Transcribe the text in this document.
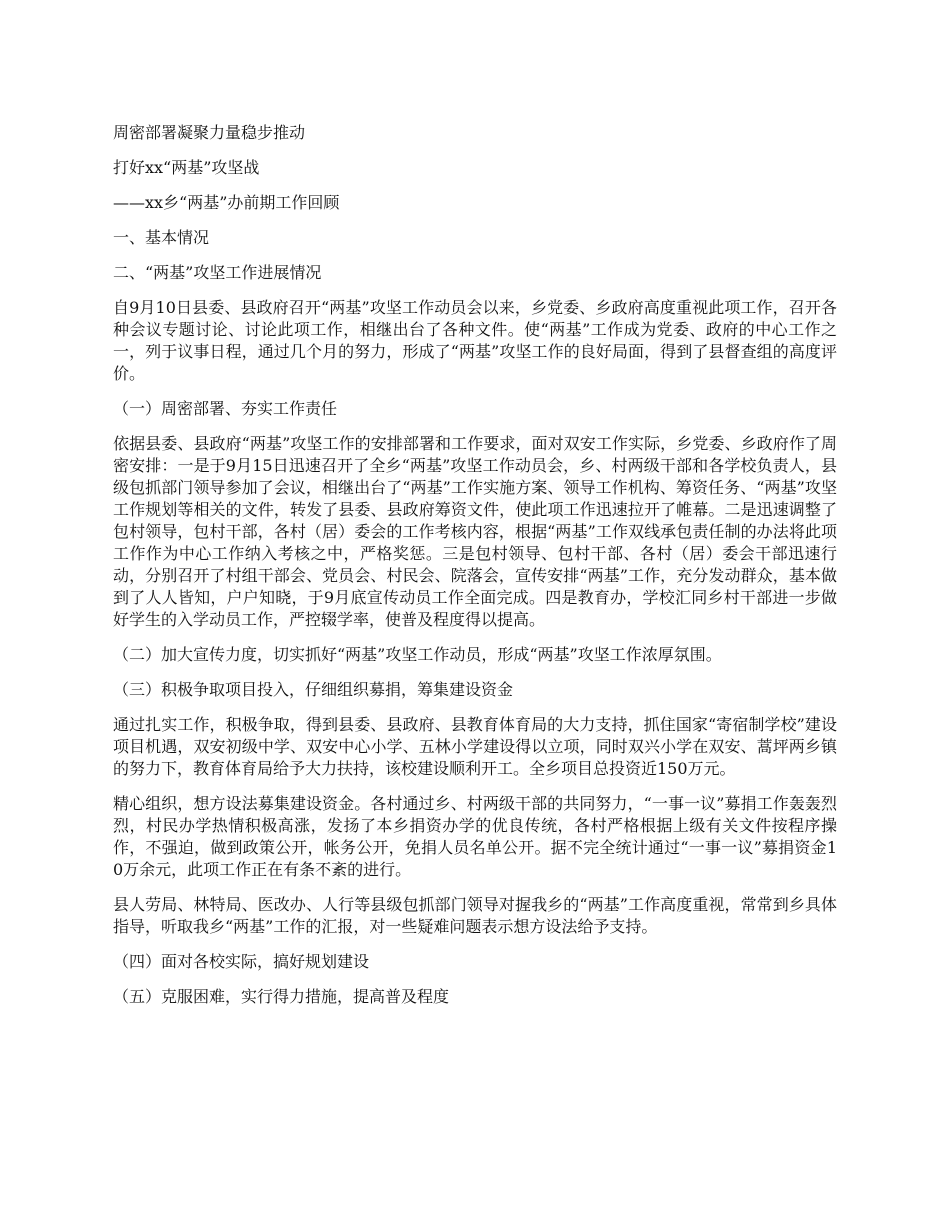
周密部署凝聚力量稳步推动

打好xx“两基”攻坚战

——xx乡“两基”办前期工作回顾

一、基本情况

二、“两基”攻坚工作进展情况

自9月10日县委、县政府召开“两基”攻坚工作动员会以来，乡党委、乡政府高度重视此项工作，召开各种会议专题讨论、讨论此项工作，相继出台了各种文件。使“两基”工作成为党委、政府的中心工作之一，列于议事日程，通过几个月的努力，形成了“两基”攻坚工作的良好局面，得到了县督查组的高度评价。

（一）周密部署、夯实工作责任

依据县委、县政府“两基”攻坚工作的安排部署和工作要求，面对双安工作实际，乡党委、乡政府作了周密安排：一是于9月15日迅速召开了全乡“两基”攻坚工作动员会，乡、村两级干部和各学校负责人，县级包抓部门领导参加了会议，相继出台了“两基”工作实施方案、领导工作机构、筹资任务、“两基”攻坚工作规划等相关的文件，转发了县委、县政府筹资文件，使此项工作迅速拉开了帷幕。二是迅速调整了包村领导，包村干部，各村（居）委会的工作考核内容，根据“两基”工作双线承包责任制的办法将此项工作作为中心工作纳入考核之中，严格奖惩。三是包村领导、包村干部、各村（居）委会干部迅速行动，分别召开了村组干部会、党员会、村民会、院落会，宣传安排“两基”工作，充分发动群众，基本做到了人人皆知，户户知晓，于9月底宣传动员工作全面完成。四是教育办，学校汇同乡村干部进一步做好学生的入学动员工作，严控辍学率，使普及程度得以提高。

（二）加大宣传力度，切实抓好“两基”攻坚工作动员，形成“两基”攻坚工作浓厚氛围。

（三）积极争取项目投入，仔细组织募捐，筹集建设资金

通过扎实工作，积极争取，得到县委、县政府、县教育体育局的大力支持，抓住国家“寄宿制学校”建设项目机遇，双安初级中学、双安中心小学、五林小学建设得以立项，同时双兴小学在双安、蒿坪两乡镇的努力下，教育体育局给予大力扶持，该校建设顺利开工。全乡项目总投资近150万元。

精心组织，想方设法募集建设资金。各村通过乡、村两级干部的共同努力，“一事一议”募捐工作轰轰烈烈，村民办学热情积极高涨，发扬了本乡捐资办学的优良传统，各村严格根据上级有关文件按程序操作，不强迫，做到政策公开，帐务公开，免捐人员名单公开。据不完全统计通过“一事一议”募捐资金10万余元，此项工作正在有条不紊的进行。

县人劳局、林特局、医改办、人行等县级包抓部门领导对握我乡的“两基”工作高度重视，常常到乡具体指导，听取我乡“两基”工作的汇报，对一些疑难问题表示想方设法给予支持。

（四）面对各校实际，搞好规划建设

（五）克服困难，实行得力措施，提高普及程度
